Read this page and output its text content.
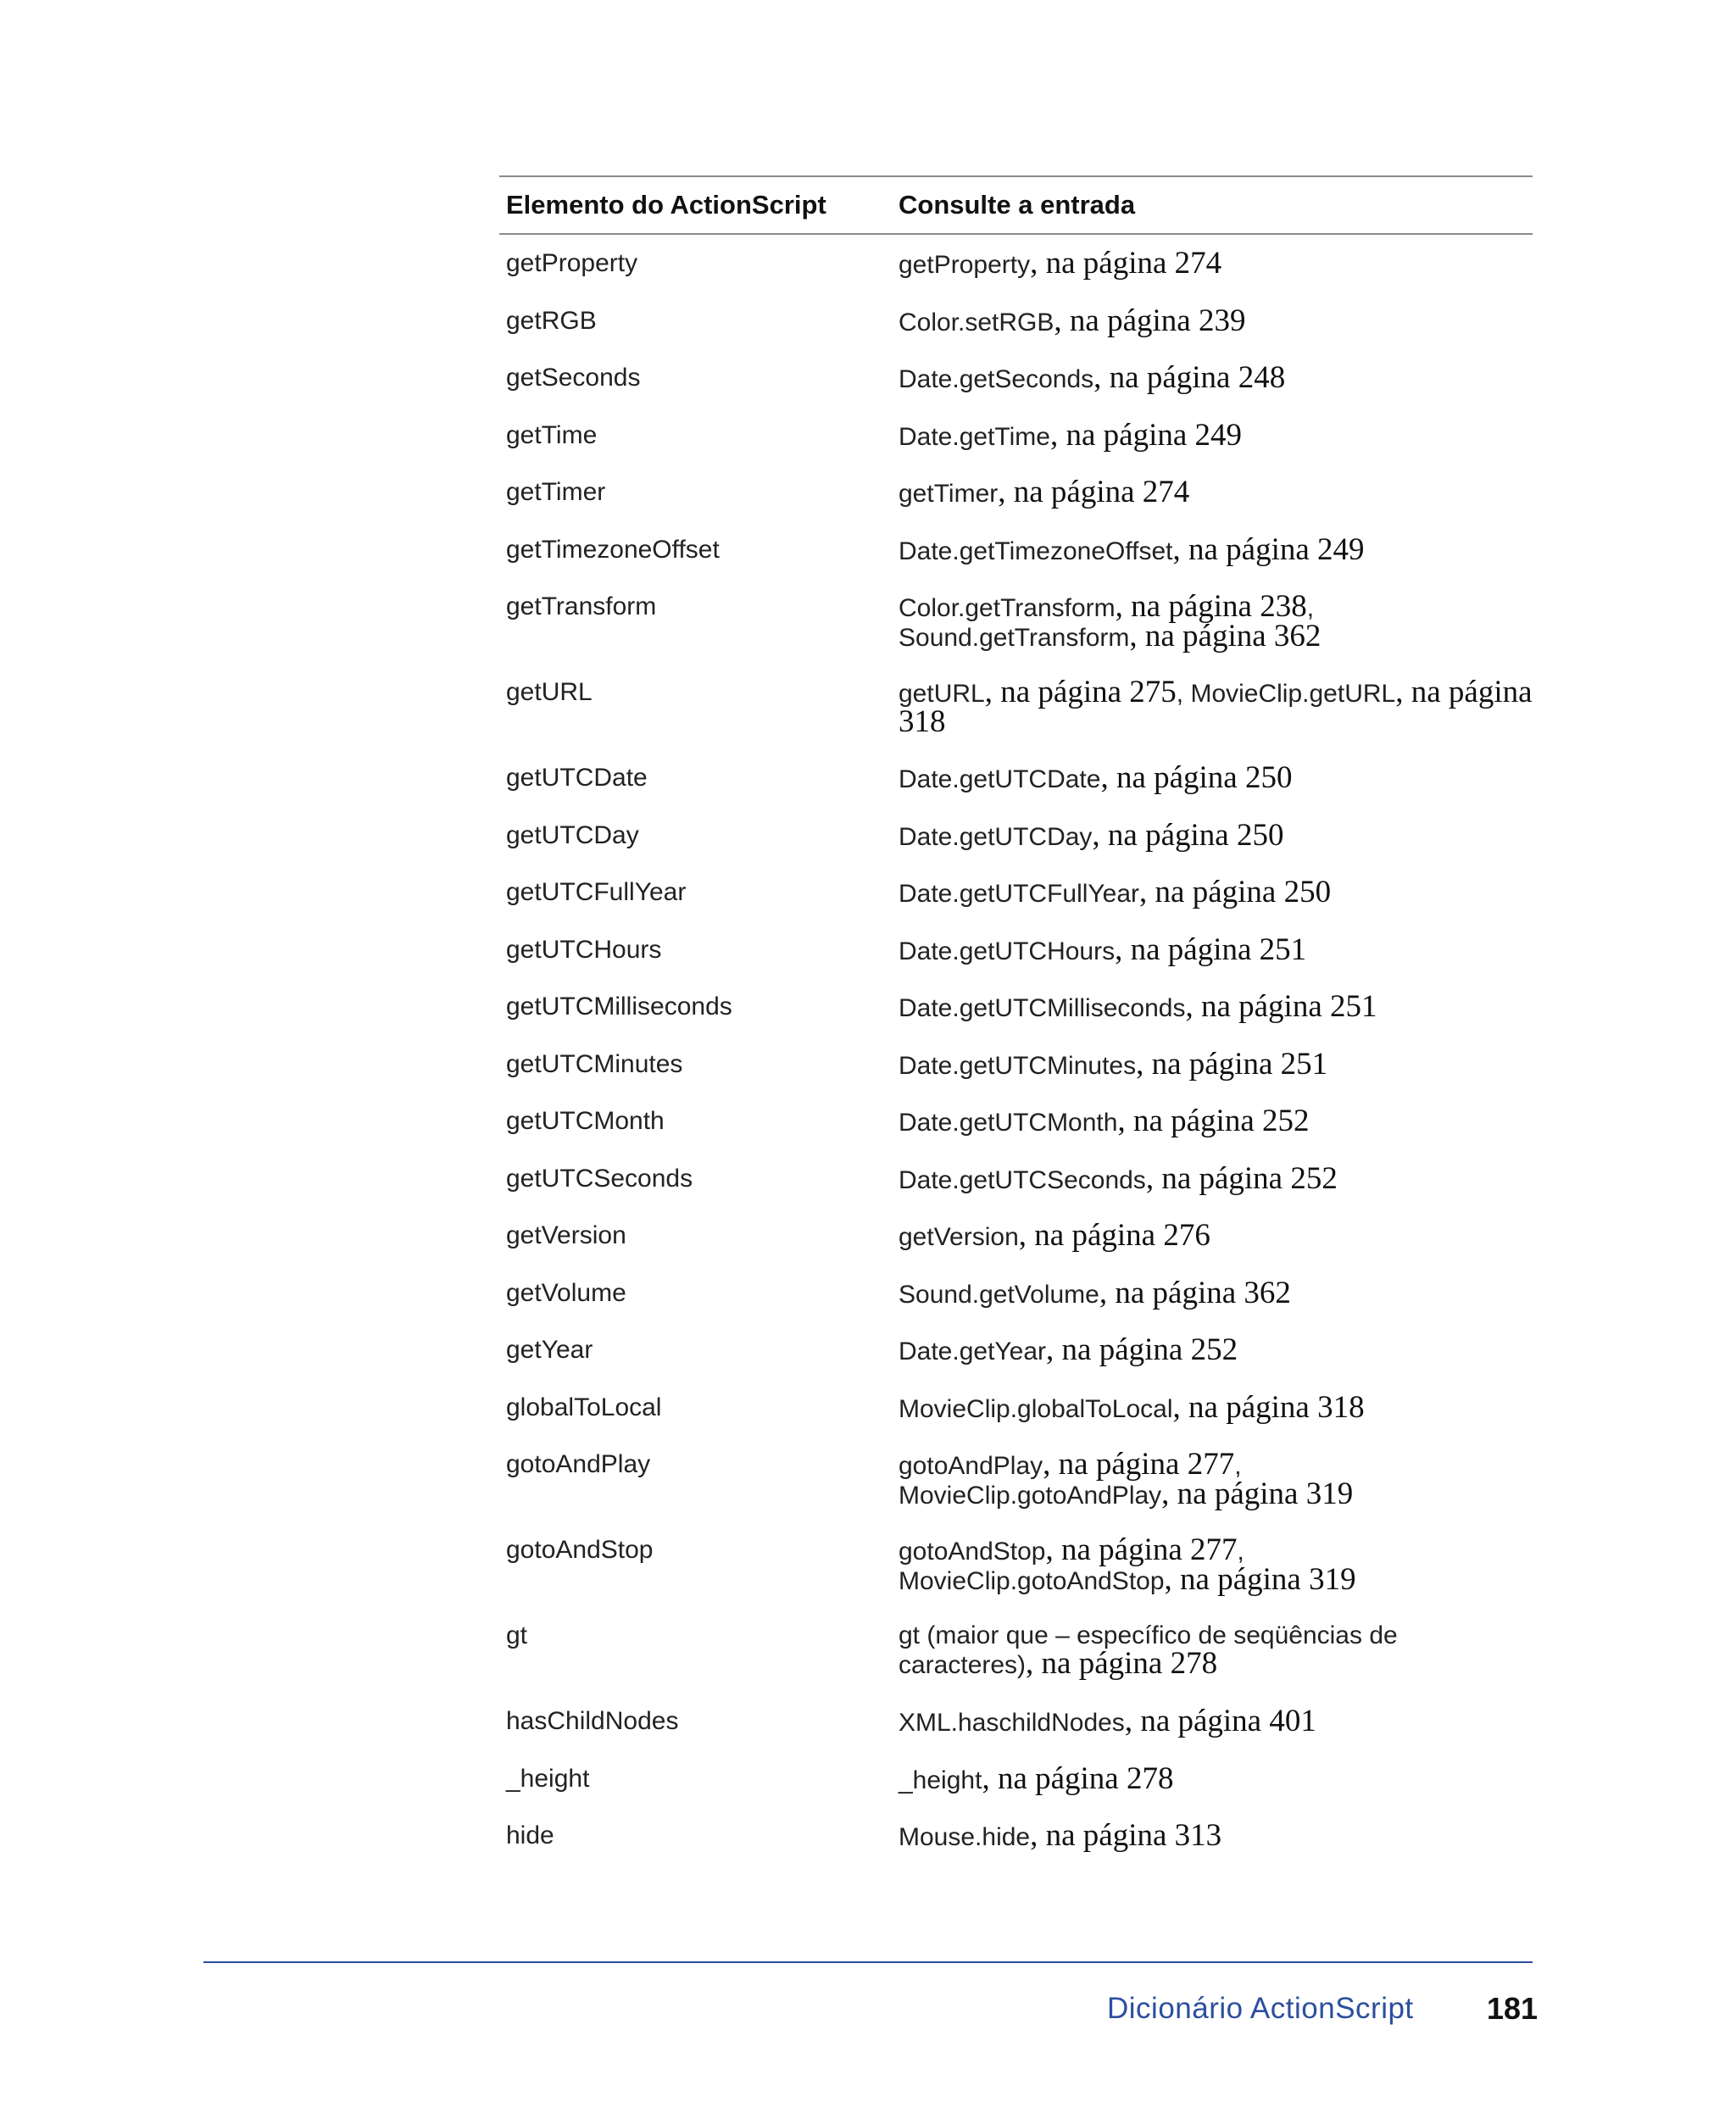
Elemento do ActionScript	Consulte a entrada
getProperty	getProperty, na página 274
getRGB	Color.setRGB, na página 239
getSeconds	Date.getSeconds, na página 248
getTime	Date.getTime, na página 249
getTimer	getTimer, na página 274
getTimezoneOffset	Date.getTimezoneOffset, na página 249
getTransform	Color.getTransform, na página 238,
Sound.getTransform, na página 362
getURL	getURL, na página 275, MovieClip.getURL, na página 318
getUTCDate	Date.getUTCDate, na página 250
getUTCDay	Date.getUTCDay, na página 250
getUTCFullYear	Date.getUTCFullYear, na página 250
getUTCHours	Date.getUTCHours, na página 251
getUTCMilliseconds	Date.getUTCMilliseconds, na página 251
getUTCMinutes	Date.getUTCMinutes, na página 251
getUTCMonth	Date.getUTCMonth, na página 252
getUTCSeconds	Date.getUTCSeconds, na página 252
getVersion	getVersion, na página 276
getVolume	Sound.getVolume, na página 362
getYear	Date.getYear, na página 252
globalToLocal	MovieClip.globalToLocal, na página 318
gotoAndPlay	gotoAndPlay, na página 277,
MovieClip.gotoAndPlay, na página 319
gotoAndStop	gotoAndStop, na página 277,
MovieClip.gotoAndStop, na página 319
gt	gt (maior que – específico de seqüências de caracteres), na página 278
hasChildNodes	XML.haschildNodes, na página 401
_height	_height, na página 278
hide	Mouse.hide, na página 313
Dicionário ActionScript 181
